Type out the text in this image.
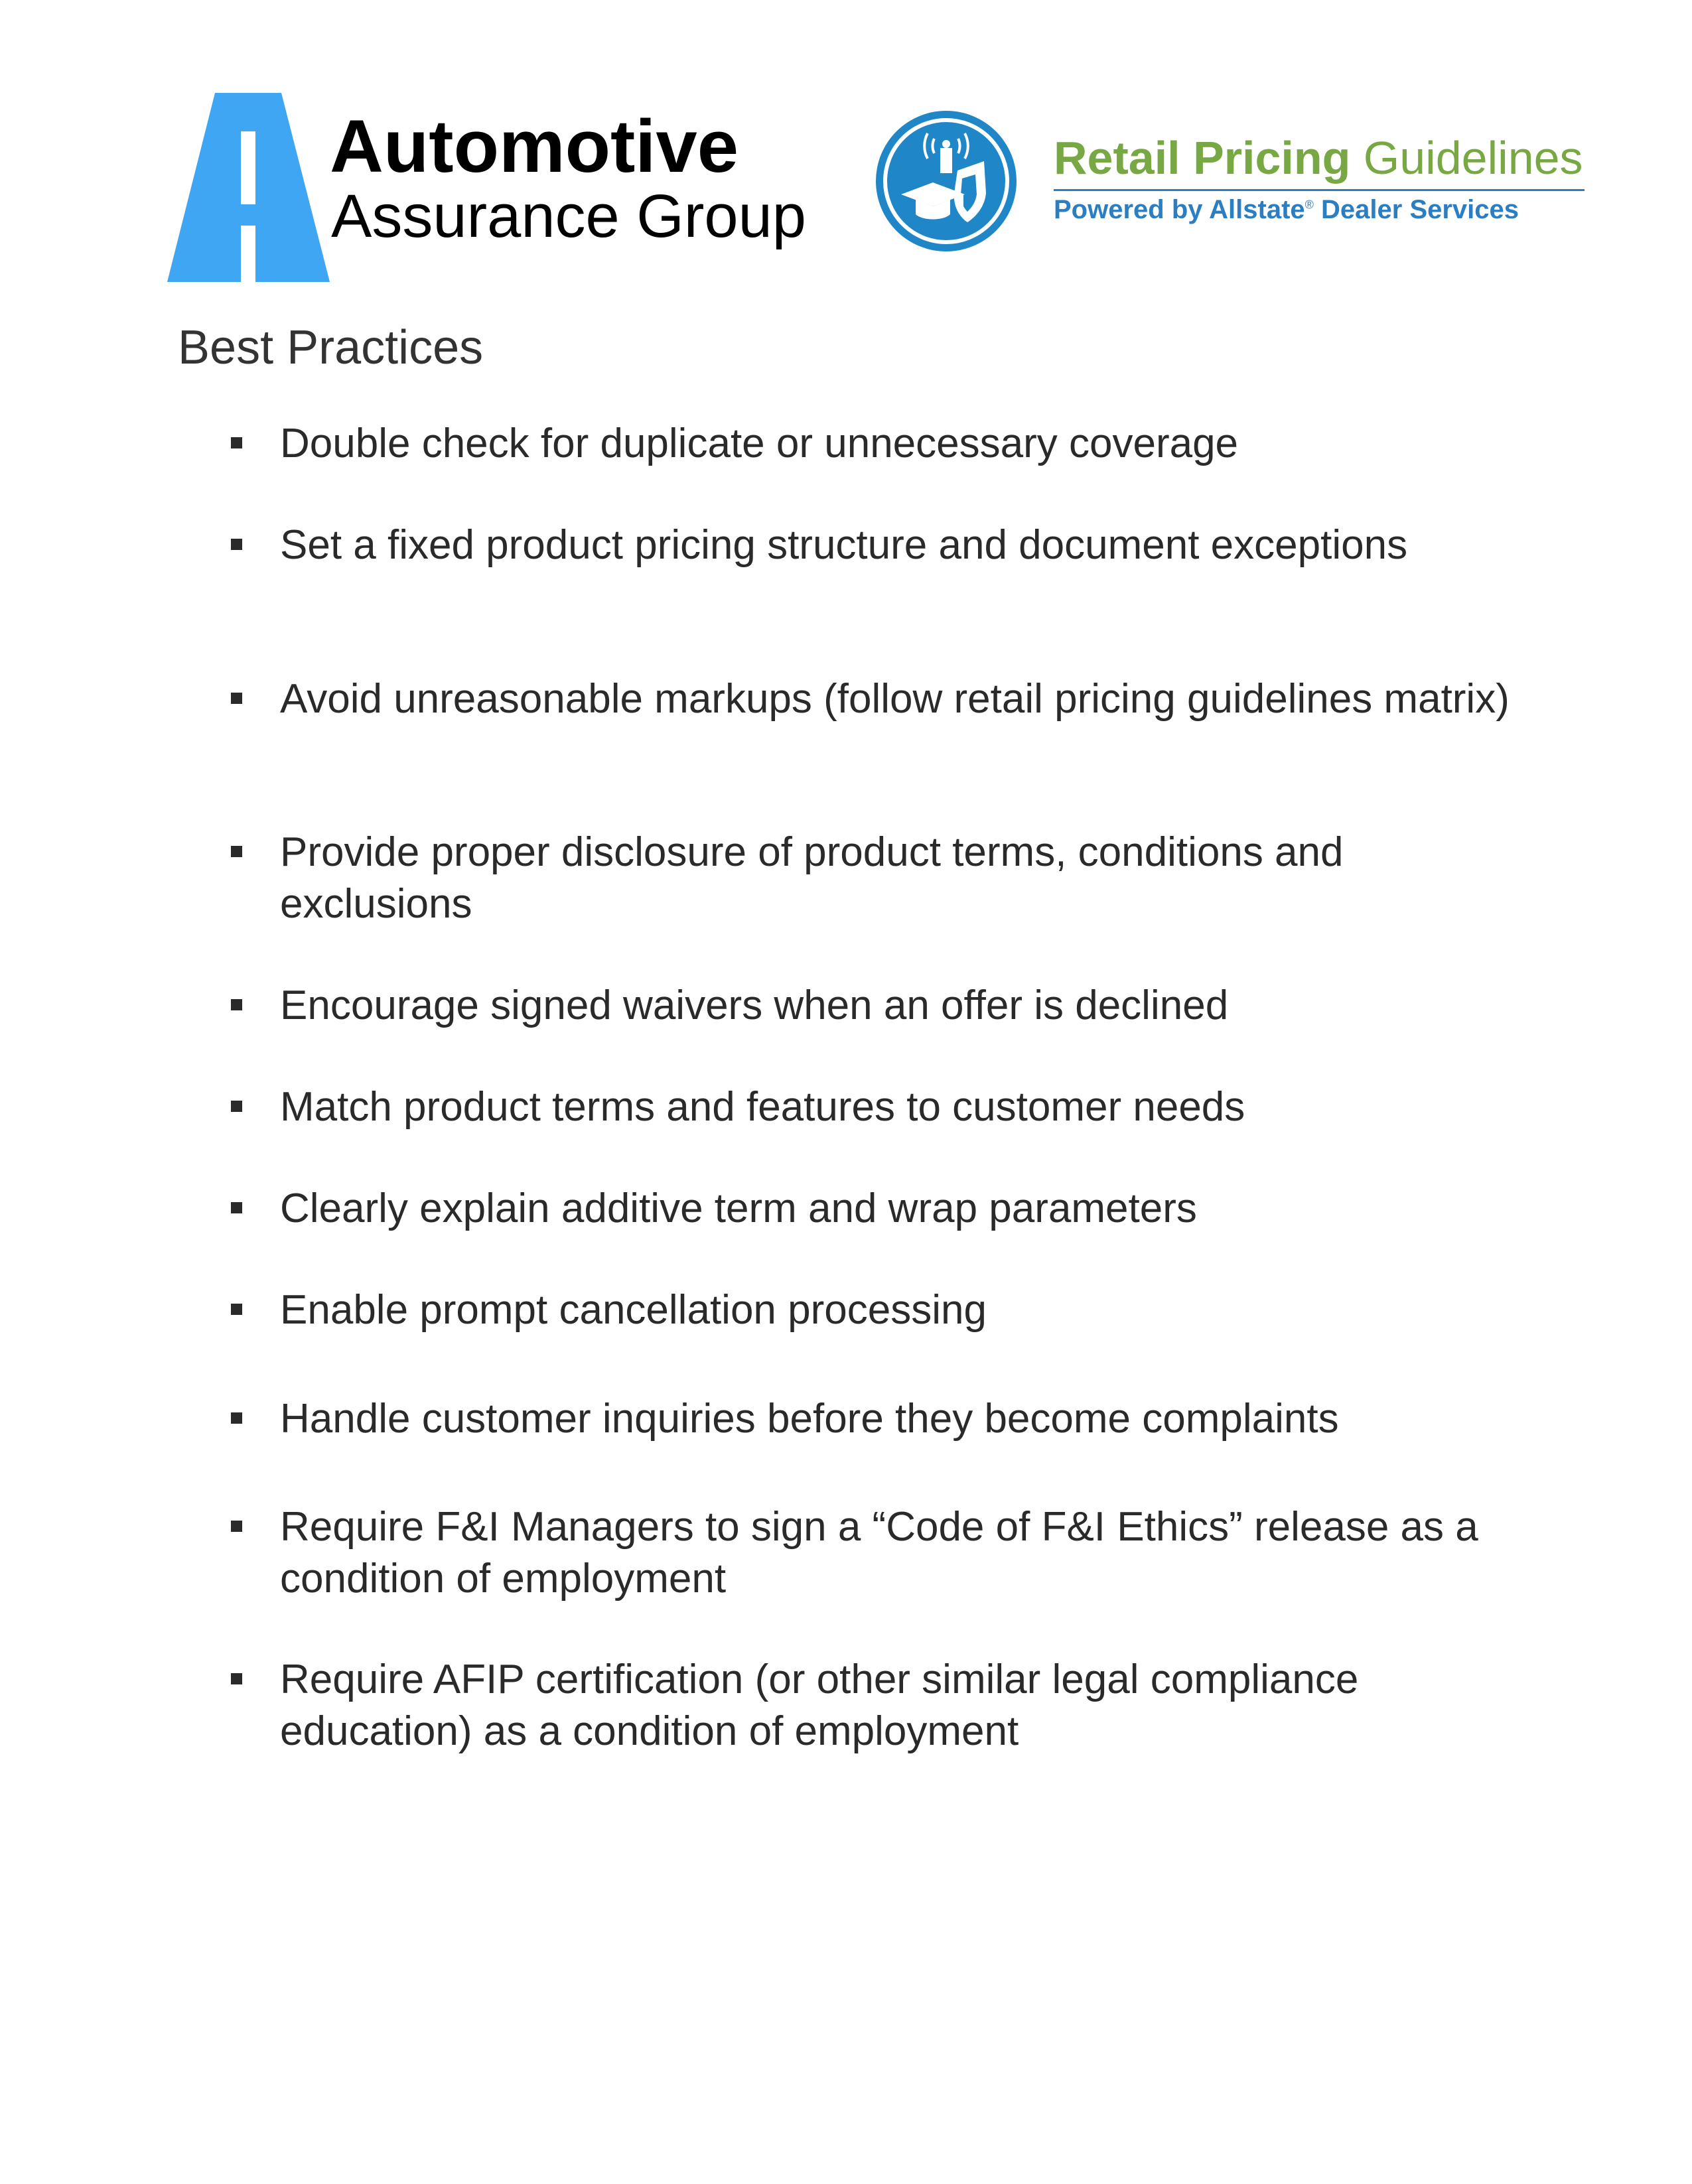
Automotive
Assurance Group
Retail Pricing Guidelines
Powered by Allstate® Dealer Services
Best Practices
Double check for duplicate or unnecessary coverage
Set a fixed product pricing structure and document exceptions
Avoid unreasonable markups (follow retail pricing guidelines matrix)
Provide proper disclosure of product terms, conditions and exclusions
Encourage signed waivers when an offer is declined
Match product terms and features to customer needs
Clearly explain additive term and wrap parameters
Enable prompt cancellation processing
Handle customer inquiries before they become complaints
Require F&I Managers to sign a “Code of F&I Ethics” release as a condition of employment
Require AFIP certification (or other similar legal compliance education) as a condition of employment
